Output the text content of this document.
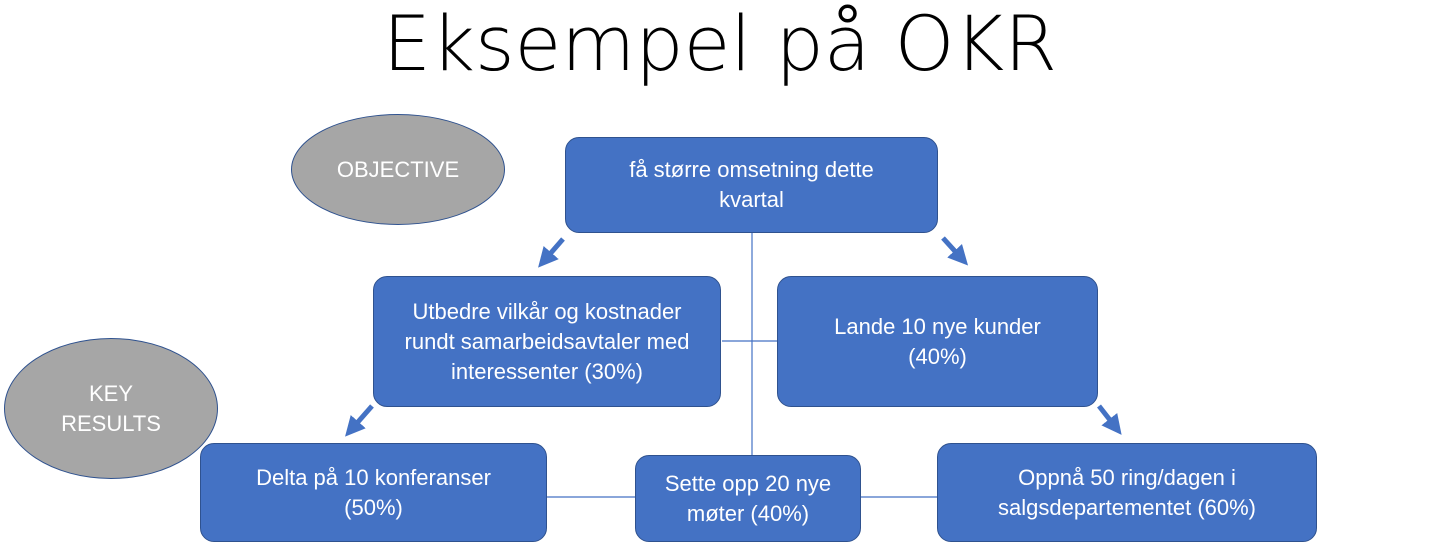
Eksempel på OKR
OBJECTIVE
KEY
RESULTS
få større omsetning dette kvartal
Utbedre vilkår og kostnader rundt samarbeidsavtaler med interessenter (30%)
Lande 10 nye kunder (40%)
Delta på 10 konferanser (50%)
Sette opp 20 nye møter (40%)
Oppnå 50 ring/dagen i salgsdepartementet (60%)
